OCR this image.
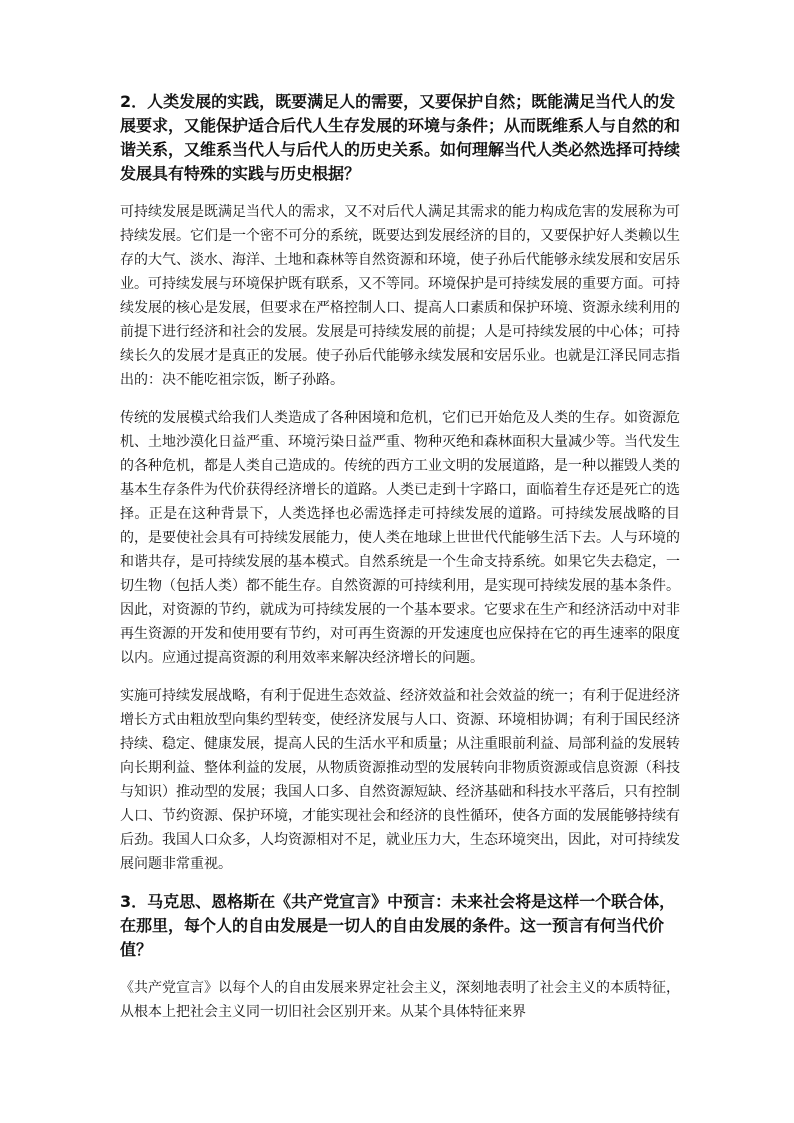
2．人类发展的实践，既要满足人的需要，又要保护自然；既能满足当代人的发展要求，又能保护适合后代人生存发展的环境与条件；从而既维系人与自然的和谐关系，又维系当代人与后代人的历史关系。如何理解当代人类必然选择可持续发展具有特殊的实践与历史根据？
可持续发展是既满足当代人的需求，又不对后代人满足其需求的能力构成危害的发展称为可持续发展。它们是一个密不可分的系统，既要达到发展经济的目的，又要保护好人类赖以生存的大气、淡水、海洋、土地和森林等自然资源和环境，使子孙后代能够永续发展和安居乐业。可持续发展与环境保护既有联系，又不等同。环境保护是可持续发展的重要方面。可持续发展的核心是发展，但要求在严格控制人口、提高人口素质和保护环境、资源永续利用的前提下进行经济和社会的发展。发展是可持续发展的前提；人是可持续发展的中心体；可持续长久的发展才是真正的发展。使子孙后代能够永续发展和安居乐业。也就是江泽民同志指出的：决不能吃祖宗饭，断子孙路。
传统的发展模式给我们人类造成了各种困境和危机，它们已开始危及人类的生存。如资源危机、土地沙漠化日益严重、环境污染日益严重、物种灭绝和森林面积大量减少等。当代发生的各种危机，都是人类自己造成的。传统的西方工业文明的发展道路，是一种以摧毁人类的基本生存条件为代价获得经济增长的道路。人类已走到十字路口，面临着生存还是死亡的选择。正是在这种背景下，人类选择也必需选择走可持续发展的道路。可持续发展战略的目的，是要使社会具有可持续发展能力，使人类在地球上世世代代能够生活下去。人与环境的和谐共存，是可持续发展的基本模式。自然系统是一个生命支持系统。如果它失去稳定，一切生物（包括人类）都不能生存。自然资源的可持续利用，是实现可持续发展的基本条件。因此，对资源的节约，就成为可持续发展的一个基本要求。它要求在生产和经济活动中对非再生资源的开发和使用要有节约，对可再生资源的开发速度也应保持在它的再生速率的限度以内。应通过提高资源的利用效率来解决经济增长的问题。
实施可持续发展战略，有利于促进生态效益、经济效益和社会效益的统一；有利于促进经济增长方式由粗放型向集约型转变，使经济发展与人口、资源、环境相协调；有利于国民经济持续、稳定、健康发展，提高人民的生活水平和质量；从注重眼前利益、局部利益的发展转向长期利益、整体利益的发展，从物质资源推动型的发展转向非物质资源或信息资源（科技与知识）推动型的发展；我国人口多、自然资源短缺、经济基础和科技水平落后，只有控制人口、节约资源、保护环境，才能实现社会和经济的良性循环，使各方面的发展能够持续有后劲。我国人口众多，人均资源相对不足，就业压力大，生态环境突出，因此，对可持续发展问题非常重视。
3．马克思、恩格斯在《共产党宣言》中预言：未来社会将是这样一个联合体，在那里，每个人的自由发展是一切人的自由发展的条件。这一预言有何当代价值？
《共产党宣言》以每个人的自由发展来界定社会主义，深刻地表明了社会主义的本质特征，从根本上把社会主义同一切旧社会区别开来。从某个具体特征来界
